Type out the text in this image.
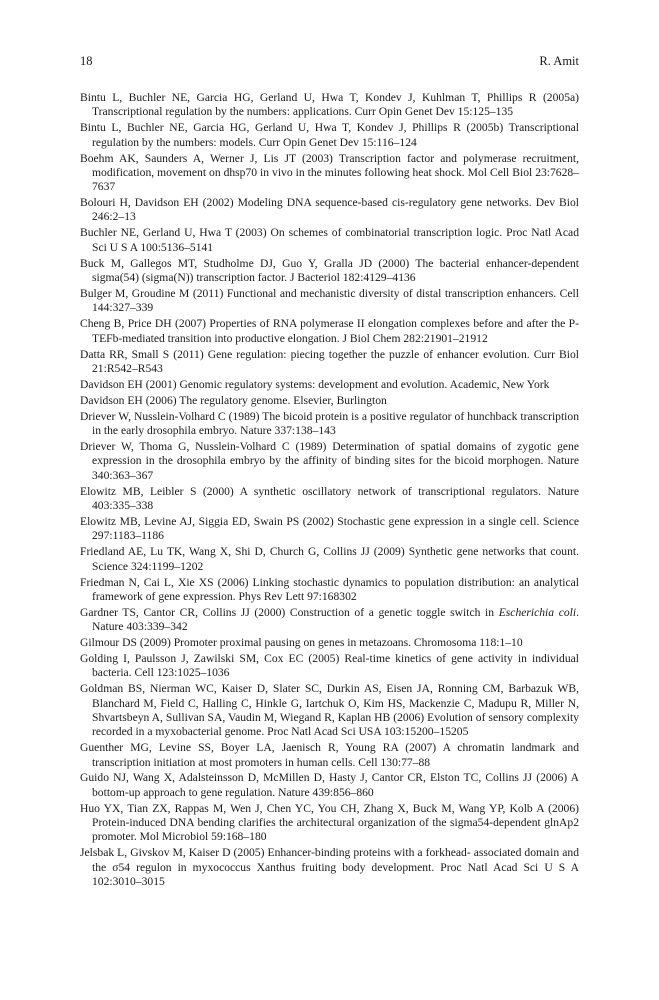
18	R. Amit
Bintu L, Buchler NE, Garcia HG, Gerland U, Hwa T, Kondev J, Kuhlman T, Phillips R (2005a) Transcriptional regulation by the numbers: applications. Curr Opin Genet Dev 15:125–135
Bintu L, Buchler NE, Garcia HG, Gerland U, Hwa T, Kondev J, Phillips R (2005b) Transcriptional regulation by the numbers: models. Curr Opin Genet Dev 15:116–124
Boehm AK, Saunders A, Werner J, Lis JT (2003) Transcription factor and polymerase recruitment, modification, movement on dhsp70 in vivo in the minutes following heat shock. Mol Cell Biol 23:7628–7637
Bolouri H, Davidson EH (2002) Modeling DNA sequence-based cis-regulatory gene networks. Dev Biol 246:2–13
Buchler NE, Gerland U, Hwa T (2003) On schemes of combinatorial transcription logic. Proc Natl Acad Sci U S A 100:5136–5141
Buck M, Gallegos MT, Studholme DJ, Guo Y, Gralla JD (2000) The bacterial enhancer-dependent sigma(54) (sigma(N)) transcription factor. J Bacteriol 182:4129–4136
Bulger M, Groudine M (2011) Functional and mechanistic diversity of distal transcription enhancers. Cell 144:327–339
Cheng B, Price DH (2007) Properties of RNA polymerase II elongation complexes before and after the P-TEFb-mediated transition into productive elongation. J Biol Chem 282:21901–21912
Datta RR, Small S (2011) Gene regulation: piecing together the puzzle of enhancer evolution. Curr Biol 21:R542–R543
Davidson EH (2001) Genomic regulatory systems: development and evolution. Academic, New York
Davidson EH (2006) The regulatory genome. Elsevier, Burlington
Driever W, Nusslein-Volhard C (1989) The bicoid protein is a positive regulator of hunchback transcription in the early drosophila embryo. Nature 337:138–143
Driever W, Thoma G, Nusslein-Volhard C (1989) Determination of spatial domains of zygotic gene expression in the drosophila embryo by the affinity of binding sites for the bicoid morphogen. Nature 340:363–367
Elowitz MB, Leibler S (2000) A synthetic oscillatory network of transcriptional regulators. Nature 403:335–338
Elowitz MB, Levine AJ, Siggia ED, Swain PS (2002) Stochastic gene expression in a single cell. Science 297:1183–1186
Friedland AE, Lu TK, Wang X, Shi D, Church G, Collins JJ (2009) Synthetic gene networks that count. Science 324:1199–1202
Friedman N, Cai L, Xie XS (2006) Linking stochastic dynamics to population distribution: an analytical framework of gene expression. Phys Rev Lett 97:168302
Gardner TS, Cantor CR, Collins JJ (2000) Construction of a genetic toggle switch in Escherichia coli. Nature 403:339–342
Gilmour DS (2009) Promoter proximal pausing on genes in metazoans. Chromosoma 118:1–10
Golding I, Paulsson J, Zawilski SM, Cox EC (2005) Real-time kinetics of gene activity in individual bacteria. Cell 123:1025–1036
Goldman BS, Nierman WC, Kaiser D, Slater SC, Durkin AS, Eisen JA, Ronning CM, Barbazuk WB, Blanchard M, Field C, Halling C, Hinkle G, Iartchuk O, Kim HS, Mackenzie C, Madupu R, Miller N, Shvartsbeyn A, Sullivan SA, Vaudin M, Wiegand R, Kaplan HB (2006) Evolution of sensory complexity recorded in a myxobacterial genome. Proc Natl Acad Sci USA 103:15200–15205
Guenther MG, Levine SS, Boyer LA, Jaenisch R, Young RA (2007) A chromatin landmark and transcription initiation at most promoters in human cells. Cell 130:77–88
Guido NJ, Wang X, Adalsteinsson D, McMillen D, Hasty J, Cantor CR, Elston TC, Collins JJ (2006) A bottom-up approach to gene regulation. Nature 439:856–860
Huo YX, Tian ZX, Rappas M, Wen J, Chen YC, You CH, Zhang X, Buck M, Wang YP, Kolb A (2006) Protein-induced DNA bending clarifies the architectural organization of the sigma54-dependent glnAp2 promoter. Mol Microbiol 59:168–180
Jelsbak L, Givskov M, Kaiser D (2005) Enhancer-binding proteins with a forkhead- associated domain and the σ54 regulon in myxococcus Xanthus fruiting body development. Proc Natl Acad Sci U S A 102:3010–3015
